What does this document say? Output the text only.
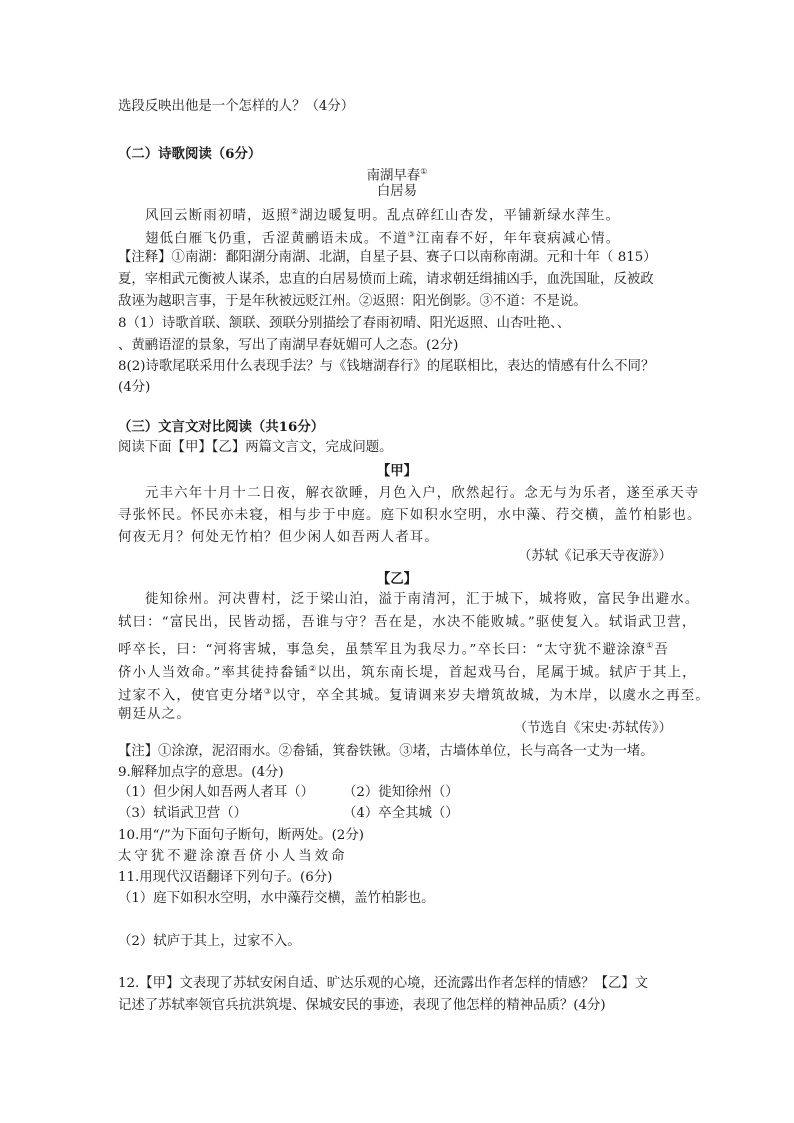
选段反映出他是一个怎样的人？（4分）
（二）诗歌阅读（6分）
南湖早春①
白居易
风回云断雨初晴，返照②湖边暖复明。乱点碎红山杏发，平铺新绿水萍生。
翅低白雁飞仍重，舌涩黄鹂语未成。不道③江南春不好，年年衰病减心情。
【注释】①南湖：鄱阳湖分南湖、北湖，自星子县、赛子口以南称南湖。元和十年（ 815）
夏，宰相武元衡被人谋杀，忠直的白居易愤而上疏，请求朝廷缉捕凶手，血洗国耻，反被政
敌诬为越职言事，于是年秋被远贬江州。②返照：阳光倒影。③不道：不是说。
8（1）诗歌首联、颔联、颈联分别描绘了春雨初晴、阳光返照、山杏吐艳、、
、黄鹂语涩的景象，写出了南湖早春妩媚可人之态。(2分)
8(2)诗歌尾联采用什么表现手法？与《钱塘湖春行》的尾联相比，表达的情感有什么不同？
(4分)
（三）文言文对比阅读（共16分）
阅读下面【甲】【乙】两篇文言文，完成问题。
【甲】
元丰六年十月十二日夜，解衣欲睡，月色入户，欣然起行。念无与为乐者，遂至承天寺
寻张怀民。怀民亦未寝，相与步于中庭。庭下如积水空明，水中藻、荇交横，盖竹柏影也。
何夜无月？何处无竹柏？但少闲人如吾两人者耳。
（苏轼《记承天寺夜游》）
【乙】
徙知徐州。河决曹村，泛于梁山泊，溢于南清河，汇于城下，城将败，富民争出避水。
轼曰：“富民出，民皆动摇，吾谁与守？吾在是，水决不能败城。”驱使复入。轼诣武卫营，
呼卒长，曰：“河将害城，事急矣，虽禁军且为我尽力。”卒长曰：“太守犹不避涂潦①吾
侪小人当效命。”率其徒持畚锸②以出，筑东南长堤，首起戏马台，尾属于城。轼庐于其上，
过家不入，使官吏分堵③以守，卒全其城。复请调来岁夫增筑故城，为木岸，以虞水之再至。
朝廷从之。
（节选自《宋史·苏轼传》）
【注】①涂潦，泥沼雨水。②畚锸，箕畚铁锹。③堵，古墙体单位，长与高各一丈为一堵。
9.解释加点字的意思。(4分)
（1）但少闲人如吾两人者耳（） （2）徙知徐州（）
（3）轼诣武卫营（）	（4）卒全其城（）
10.用“/”为下面句子断句，断两处。(2分)
太守犹不避涂潦吾侪小人当效命
11.用现代汉语翻译下列句子。(6分)
（1）庭下如积水空明，水中藻荇交横，盖竹柏影也。
（2）轼庐于其上，过家不入。
12.【甲】文表现了苏轼安闲自适、旷达乐观的心境，还流露出作者怎样的情感？【乙】文
记述了苏轼率领官兵抗洪筑堤、保城安民的事迹，表现了他怎样的精神品质？(4分)
